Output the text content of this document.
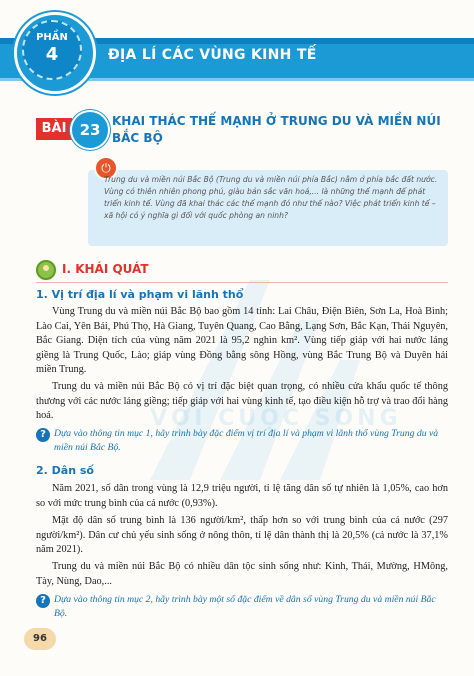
ĐỊA LÍ CÁC VÙNG KINH TẾ
PHẦN
4
BÀI 23 KHAI THÁC THẾ MẠNH Ở TRUNG DU VÀ MIỀN NÚI BẮC BỘ
⏻
Trung du và miền núi Bắc Bộ (Trung du và miền núi phía Bắc) nằm ở phía bắc đất nước. Vùng có thiên nhiên phong phú, giàu bản sắc văn hoá,... là những thế mạnh để phát triển kinh tế. Vùng đã khai thác các thế mạnh đó như thế nào? Việc phát triển kinh tế – xã hội có ý nghĩa gì đối với quốc phòng an ninh?
VỚI CUỘC SỐNG
I. KHÁI QUÁT
1. Vị trí địa lí và phạm vi lãnh thổ
Vùng Trung du và miền núi Bắc Bộ bao gồm 14 tỉnh: Lai Châu, Điện Biên, Sơn La, Hoà Bình; Lào Cai, Yên Bái, Phú Thọ, Hà Giang, Tuyên Quang, Cao Bằng, Lạng Sơn, Bắc Kạn, Thái Nguyên, Bắc Giang. Diện tích của vùng năm 2021 là 95,2 nghìn km². Vùng tiếp giáp với hai nước láng giềng là Trung Quốc, Lào; giáp vùng Đồng bằng sông Hồng, vùng Bắc Trung Bộ và Duyên hải miền Trung.
Trung du và miền núi Bắc Bộ có vị trí đặc biệt quan trọng, có nhiều cửa khẩu quốc tế thông thương với các nước láng giềng; tiếp giáp với hai vùng kinh tế, tạo điều kiện hỗ trợ và trao đổi hàng hoá.
? Dựa vào thông tin mục 1, hãy trình bày đặc điểm vị trí địa lí và phạm vi lãnh thổ vùng Trung du và miền núi Bắc Bộ.
2. Dân số
Năm 2021, số dân trong vùng là 12,9 triệu người, tỉ lệ tăng dân số tự nhiên là 1,05%, cao hơn so với mức trung bình của cả nước (0,93%).
Mật độ dân số trung bình là 136 người/km², thấp hơn so với trung bình của cả nước (297 người/km²). Dân cư chủ yếu sinh sống ở nông thôn, tỉ lệ dân thành thị là 20,5% (cả nước là 37,1% năm 2021).
Trung du và miền núi Bắc Bộ có nhiều dân tộc sinh sống như: Kinh, Thái, Mường, HMông, Tày, Nùng, Dao,...
? Dựa vào thông tin mục 2, hãy trình bày một số đặc điểm về dân số vùng Trung du và miền núi Bắc Bộ.
96
